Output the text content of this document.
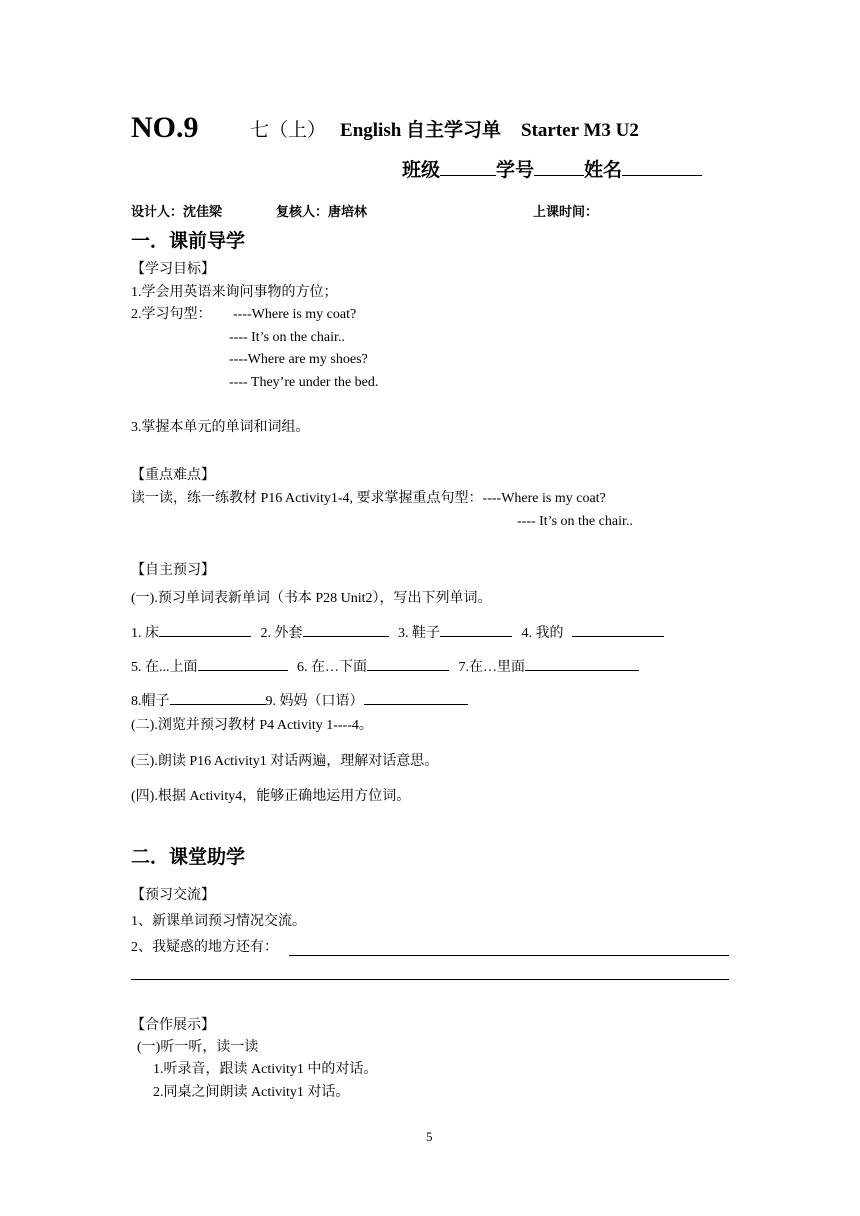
NO.9	七（上） English 自主学习单 Starter M3 U2
班级	学号	姓名
设计人：沈佳梁	复核人：唐培林	上课时间：
一．课前导学
【学习目标】
1.学会用英语来询问事物的方位；
2.学习句型： ----Where is my coat?
---- It’s on the chair..
----Where are my shoes?
---- They’re under the bed.
3.掌握本单元的单词和词组。
【重点难点】
读一读，练一练教材 P16 Activity1-4, 要求掌握重点句型：----Where is my coat?
---- It’s on the chair..
【自主预习】
(一).预习单词表新单词（书本 P28 Unit2），写出下列单词。
1. 床	2. 外套	3. 鞋子	4. 我的
5. 在...上面	6. 在…下面	7.在…里面
8.帽子	9. 妈妈（口语）
(二).浏览并预习教材 P4 Activity 1----4。
(三).朗读 P16 Activity1 对话两遍，理解对话意思。
(四).根据 Activity4，能够正确地运用方位词。
二．课堂助学
【预习交流】
1、新课单词预习情况交流。
2、我疑惑的地方还有：
【合作展示】
(一)听一听，读一读
1.听录音，跟读 Activity1 中的对话。
2.同桌之间朗读 Activity1 对话。
5
